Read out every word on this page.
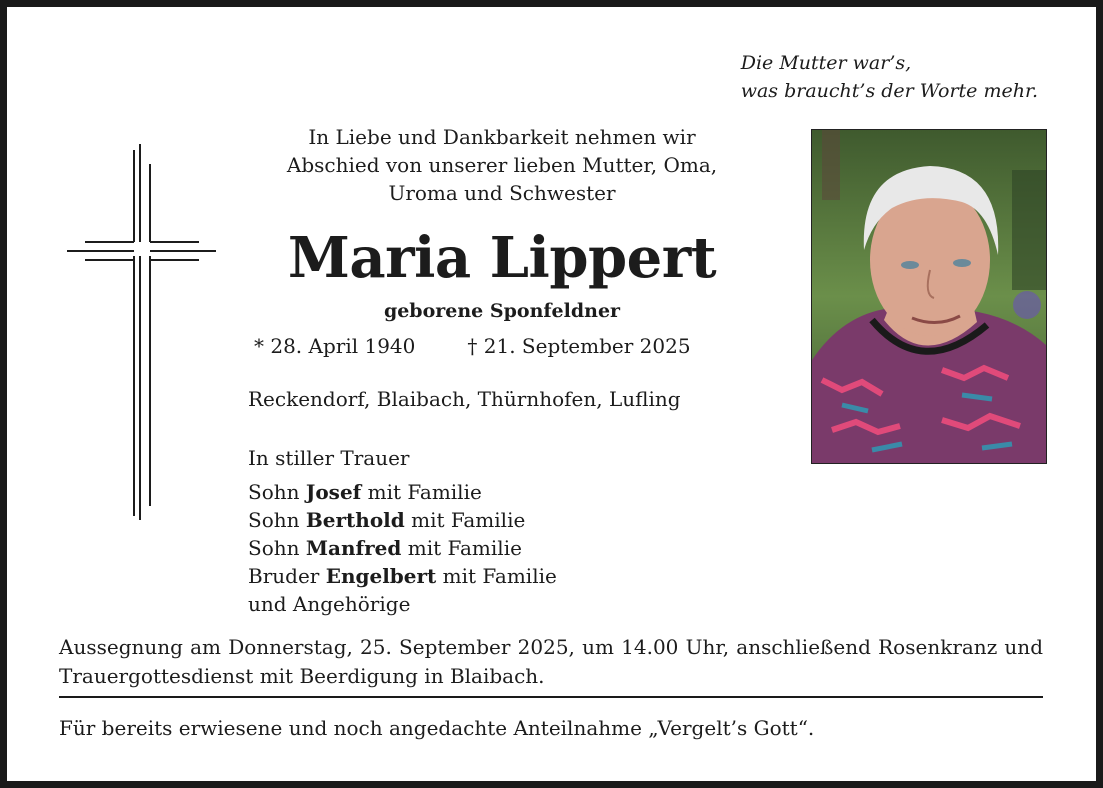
Die Mutter war’s,
was braucht’s der Worte mehr.
In Liebe und Dankbarkeit nehmen wir
Abschied von unserer lieben Mutter, Oma,
Uroma und Schwester
Maria Lippert
geborene Sponfeldner
* 28. April 1940	† 21. September 2025
Reckendorf, Blaibach, Thürnhofen, Lufling
In stiller Trauer
Sohn Josef mit Familie
Sohn Berthold mit Familie
Sohn Manfred mit Familie
Bruder Engelbert mit Familie
und Angehörige
Aussegnung am Donnerstag, 25. September 2025, um 14.00 Uhr, anschließend Rosenkranz und Trauergottesdienst mit Beerdigung in Blaibach.
Für bereits erwiesene und noch angedachte Anteilnahme „Vergelt’s Gott“.
